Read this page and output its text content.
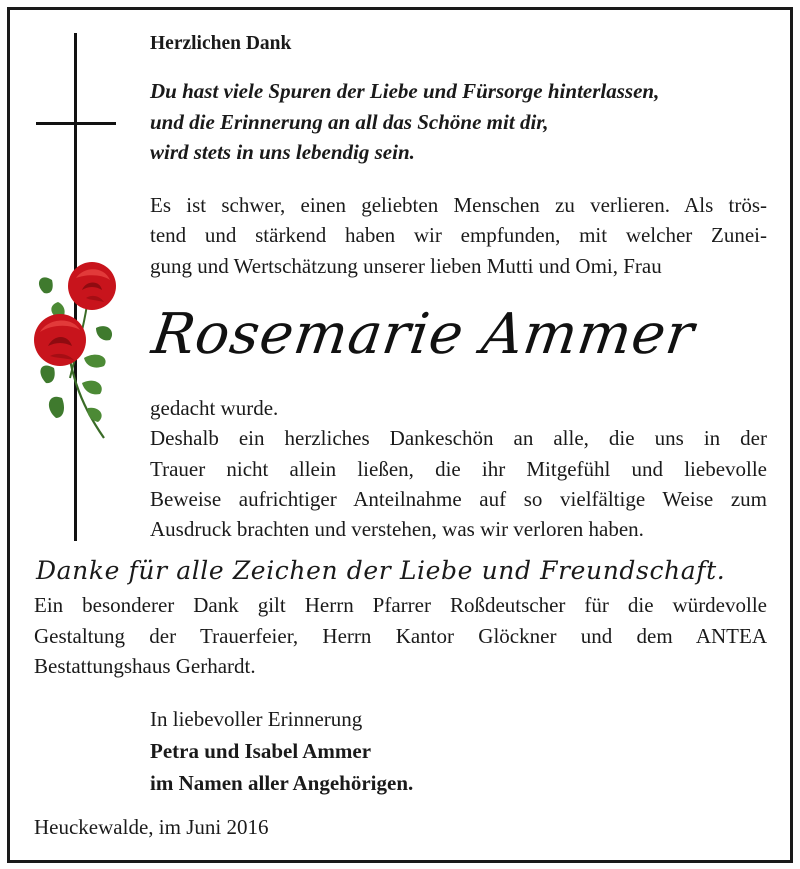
Herzlichen Dank
Du hast viele Spuren der Liebe und Fürsorge hinterlassen,
und die Erinnerung an all das Schöne mit dir,
wird stets in uns lebendig sein.
Es ist schwer, einen geliebten Menschen zu verlieren. Als trös-
tend und stärkend haben wir empfunden, mit welcher Zunei-
gung und Wertschätzung unserer lieben Mutti und Omi, Frau
Rosemarie Ammer
gedacht wurde.
Deshalb ein herzliches Dankeschön an alle, die uns in der
Trauer nicht allein ließen, die ihr Mitgefühl und liebevolle
Beweise aufrichtiger Anteilnahme auf so vielfältige Weise zum
Ausdruck brachten und verstehen, was wir verloren haben.
Danke für alle Zeichen der Liebe und Freundschaft.
Ein besonderer Dank gilt Herrn Pfarrer Roßdeutscher für die würdevolle
Gestaltung der Trauerfeier, Herrn Kantor Glöckner und dem ANTEA
Bestattungshaus Gerhardt.
In liebevoller Erinnerung
Petra und Isabel Ammer
im Namen aller Angehörigen.
Heuckewalde, im Juni 2016
